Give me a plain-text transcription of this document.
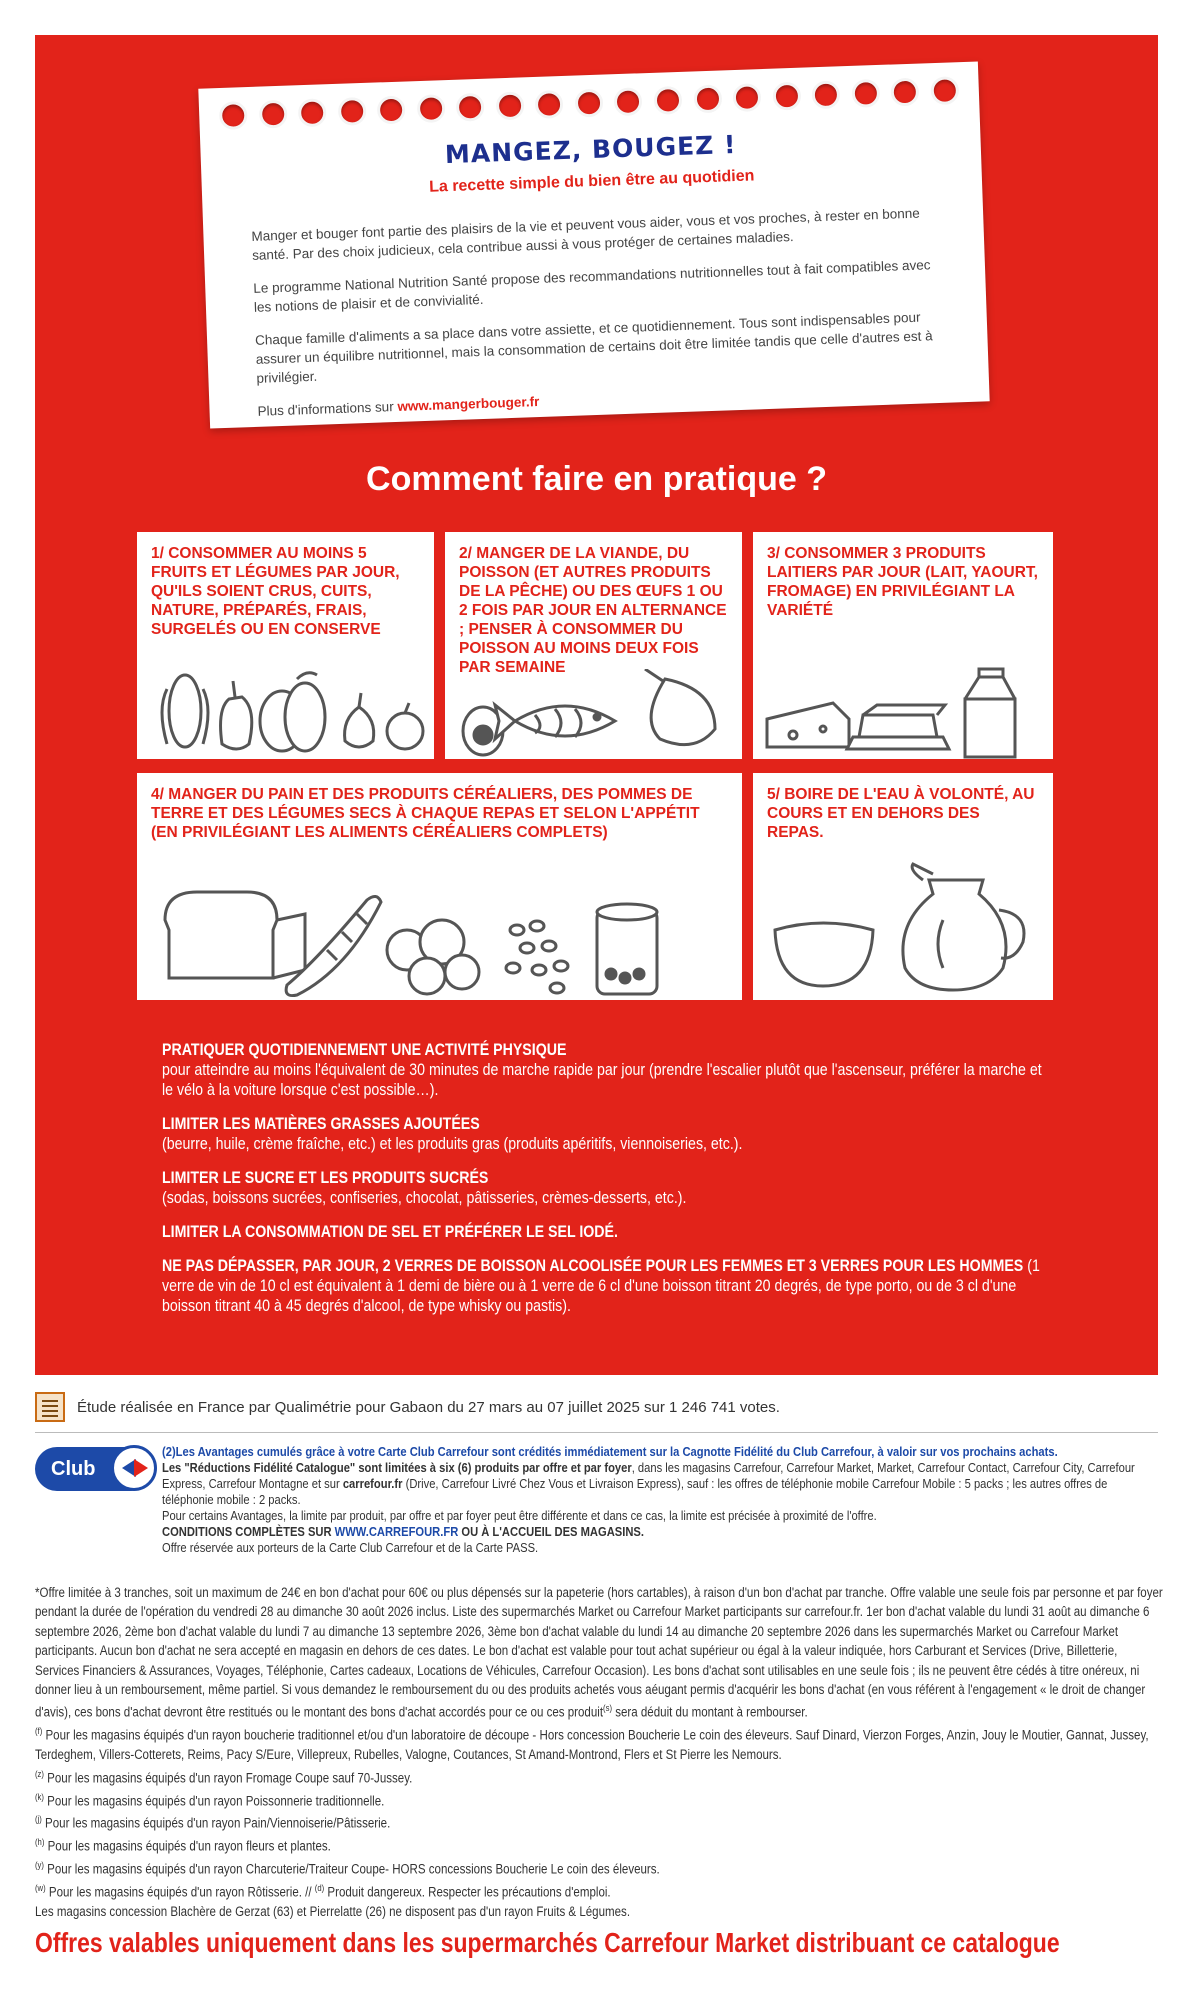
MANGEZ, BOUGEZ !
La recette simple du bien être au quotidien

Manger et bouger font partie des plaisirs de la vie et peuvent vous aider, vous et vos proches, à rester en bonne santé. Par des choix judicieux, cela contribue aussi à vous protéger de certaines maladies.

Le programme National Nutrition Santé propose des recommandations nutritionnelles tout à fait compatibles avec les notions de plaisir et de convivialité.

Chaque famille d'aliments a sa place dans votre assiette, et ce quotidiennement. Tous sont indispensables pour assurer un équilibre nutritionnel, mais la consommation de certains doit être limitée tandis que celle d'autres est à privilégier.

Plus d'informations sur www.mangerbouger.fr

Comment faire en pratique ?
1/ CONSOMMER AU MOINS 5 FRUITS ET LÉGUMES PAR JOUR, QU'ILS SOIENT CRUS, CUITS, NATURE, PRÉPARÉS, FRAIS, SURGELÉS OU EN CONSERVE
2/ MANGER DE LA VIANDE, DU POISSON (ET AUTRES PRODUITS DE LA PÊCHE) OU DES ŒUFS 1 OU 2 FOIS PAR JOUR EN ALTERNANCE ; PENSER À CONSOMMER DU POISSON AU MOINS DEUX FOIS PAR SEMAINE
3/ CONSOMMER 3 PRODUITS LAITIERS PAR JOUR (LAIT, YAOURT, FROMAGE) EN PRIVILÉGIANT LA VARIÉTÉ
4/ MANGER DU PAIN ET DES PRODUITS CÉRÉALIERS, DES POMMES DE TERRE ET DES LÉGUMES SECS À CHAQUE REPAS ET SELON L'APPÉTIT (EN PRIVILÉGIANT LES ALIMENTS CÉRÉALIERS COMPLETS)
5/ BOIRE DE L'EAU À VOLONTÉ, AU COURS ET EN DEHORS DES REPAS.
PRATIQUER QUOTIDIENNEMENT UNE ACTIVITÉ PHYSIQUE
pour atteindre au moins l'équivalent de 30 minutes de marche rapide par jour (prendre l'escalier plutôt que l'ascenseur, préférer la marche et le vélo à la voiture lorsque c'est possible…).
LIMITER LES MATIÈRES GRASSES AJOUTÉES
(beurre, huile, crème fraîche, etc.) et les produits gras (produits apéritifs, viennoiseries, etc.).
LIMITER LE SUCRE ET LES PRODUITS SUCRÉS
(sodas, boissons sucrées, confiseries, chocolat, pâtisseries, crèmes-desserts, etc.).
LIMITER LA CONSOMMATION DE SEL ET PRÉFÉRER LE SEL IODÉ.
NE PAS DÉPASSER, PAR JOUR, 2 VERRES DE BOISSON ALCOOLISÉE POUR LES FEMMES ET 3 VERRES POUR LES HOMMES (1 verre de vin de 10 cl est équivalent à 1 demi de bière ou à 1 verre de 6 cl d'une boisson titrant 20 degrés, de type porto, ou de 3 cl d'une boisson titrant 40 à 45 degrés d'alcool, de type whisky ou pastis).
Étude réalisée en France par Qualimétrie pour Gabaon du 27 mars au 07 juillet 2025 sur 1 246 741 votes.
Club
(2)Les Avantages cumulés grâce à votre Carte Club Carrefour sont crédités immédiatement sur la Cagnotte Fidélité du Club Carrefour, à valoir sur vos prochains achats.
Les "Réductions Fidélité Catalogue" sont limitées à six (6) produits par offre et par foyer, dans les magasins Carrefour, Carrefour Market, Market, Carrefour Contact, Carrefour City, Carrefour Express, Carrefour Montagne et sur carrefour.fr (Drive, Carrefour Livré Chez Vous et Livraison Express), sauf : les offres de téléphonie mobile Carrefour Mobile : 5 packs ; les autres offres de téléphonie mobile : 2 packs.
Pour certains Avantages, la limite par produit, par offre et par foyer peut être différente et dans ce cas, la limite est précisée à proximité de l'offre.
CONDITIONS COMPLÈTES SUR WWW.CARREFOUR.FR OU À L'ACCUEIL DES MAGASINS.
Offre réservée aux porteurs de la Carte Club Carrefour et de la Carte PASS.

*Offre limitée à 3 tranches, soit un maximum de 24€ en bon d'achat pour 60€ ou plus dépensés sur la papeterie (hors cartables), à raison d'un bon d'achat par tranche. Offre valable une seule fois par personne et par foyer pendant la durée de l'opération du vendredi 28 au dimanche 30 août 2026 inclus. Liste des supermarchés Market ou Carrefour Market participants sur carrefour.fr. 1er bon d'achat valable du lundi 31 août au dimanche 6 septembre 2026, 2ème bon d'achat valable du lundi 7 au dimanche 13 septembre 2026, 3ème bon d'achat valable du lundi 14 au dimanche 20 septembre 2026 dans les supermarchés Market ou Carrefour Market participants. Aucun bon d'achat ne sera accepté en magasin en dehors de ces dates. Le bon d'achat est valable pour tout achat supérieur ou égal à la valeur indiquée, hors Carburant et Services (Drive, Billetterie, Services Financiers & Assurances, Voyages, Téléphonie, Cartes cadeaux, Locations de Véhicules, Carrefour Occasion). Les bons d'achat sont utilisables en une seule fois ; ils ne peuvent être cédés à titre onéreux, ni donner lieu à un remboursement, même partiel. Si vous demandez le remboursement du ou des produits achetés vous aéugant permis d'acquérir les bons d'achat (en vous référent à l'engagement « le droit de changer d'avis), ces bons d'achat devront être restitués ou le montant des bons d'achat accordés pour ce ou ces produit$^{(s)}$ sera déduit du montant à rembourser.

$^{(f)}$ Pour les magasins équipés d'un rayon boucherie traditionnel et/ou d'un laboratoire de découpe - Hors concession Boucherie Le coin des éleveurs. Sauf Dinard, Vierzon Forges, Anzin, Jouy le Moutier, Gannat, Jussey, Terdeghem, Villers-Cotterets, Reims, Pacy S/Eure, Villepreux, Rubelles, Valogne, Coutances, St Amand-Montrond, Flers et St Pierre les Nemours.

$^{(z)}$ Pour les magasins équipés d'un rayon Fromage Coupe sauf 70-Jussey.

$^{(k)}$ Pour les magasins équipés d'un rayon Poissonnerie traditionnelle.

$^{(j)}$ Pour les magasins équipés d'un rayon Pain/Viennoiserie/Pâtisserie.

$^{(h)}$ Pour les magasins équipés d'un rayon fleurs et plantes.

$^{(y)}$ Pour les magasins équipés d'un rayon Charcuterie/Traiteur Coupe- HORS concessions Boucherie Le coin des éleveurs.

$^{(w)}$ Pour les magasins équipés d'un rayon Rôtisserie. // $^{(d)}$ Produit dangereux. Respecter les précautions d'emploi.

Les magasins concession Blachère de Gerzat (63) et Pierrelatte (26) ne disposent pas d'un rayon Fruits & Légumes.

Offres valables uniquement dans les supermarchés Carrefour Market distribuant ce catalogue
